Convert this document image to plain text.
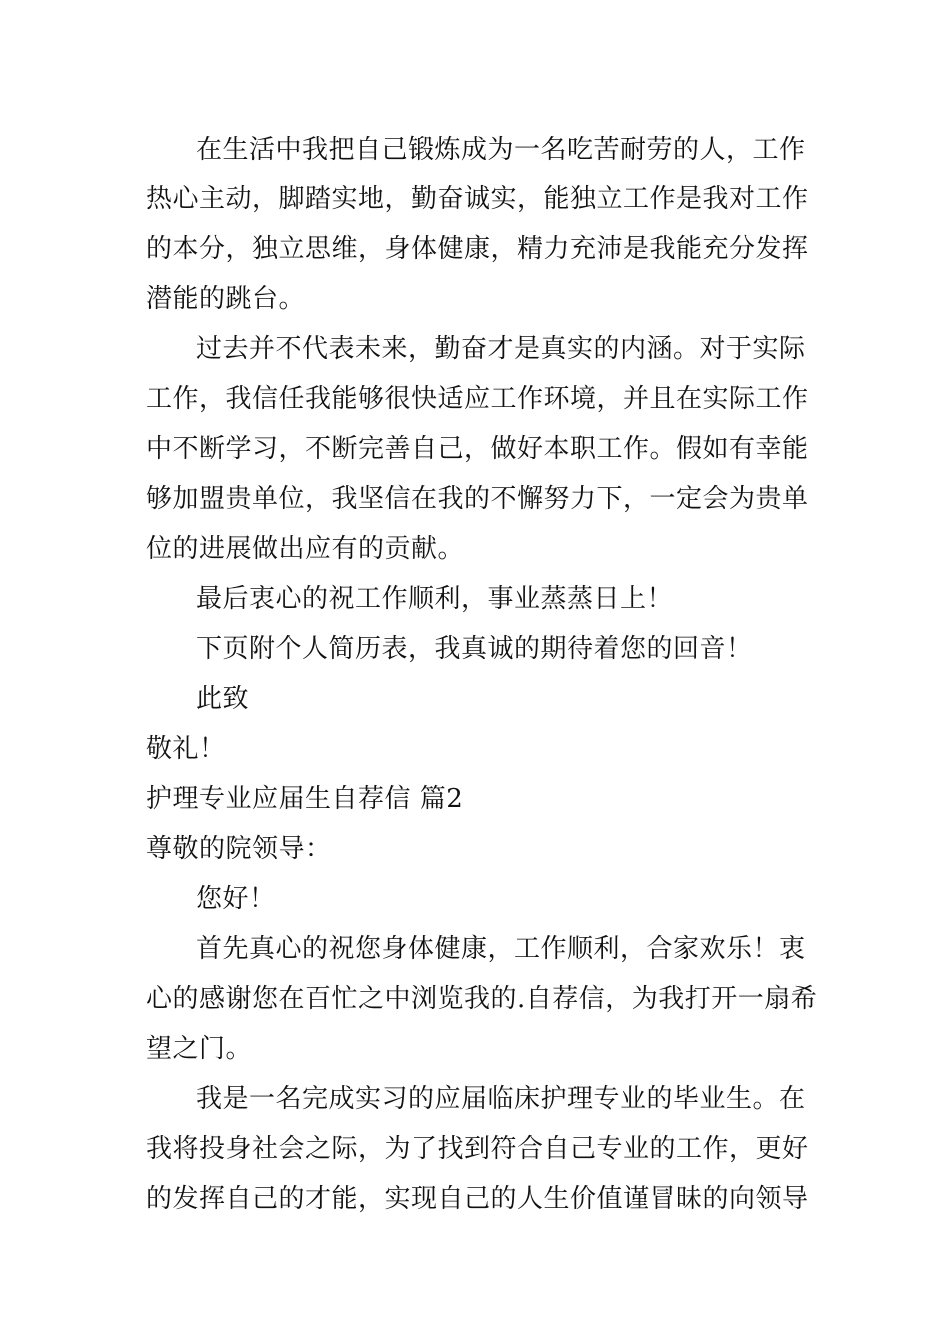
在生活中我把自己锻炼成为一名吃苦耐劳的人，工作
热心主动，脚踏实地，勤奋诚实，能独立工作是我对工作
的本分，独立思维，身体健康，精力充沛是我能充分发挥
潜能的跳台。
过去并不代表未来，勤奋才是真实的内涵。对于实际
工作，我信任我能够很快适应工作环境，并且在实际工作
中不断学习，不断完善自己，做好本职工作。假如有幸能
够加盟贵单位，我坚信在我的不懈努力下，一定会为贵单
位的进展做出应有的贡献。
最后衷心的祝工作顺利，事业蒸蒸日上！
下页附个人简历表，我真诚的期待着您的回音！
此致
敬礼！
护理专业应届生自荐信 篇2
尊敬的院领导：
您好！
首先真心的祝您身体健康，工作顺利，合家欢乐！衷
心的感谢您在百忙之中浏览我的.自荐信，为我打开一扇希
望之门。
我是一名完成实习的应届临床护理专业的毕业生。在
我将投身社会之际，为了找到符合自己专业的工作，更好
的发挥自己的才能，实现自己的人生价值谨冒昧的向领导
